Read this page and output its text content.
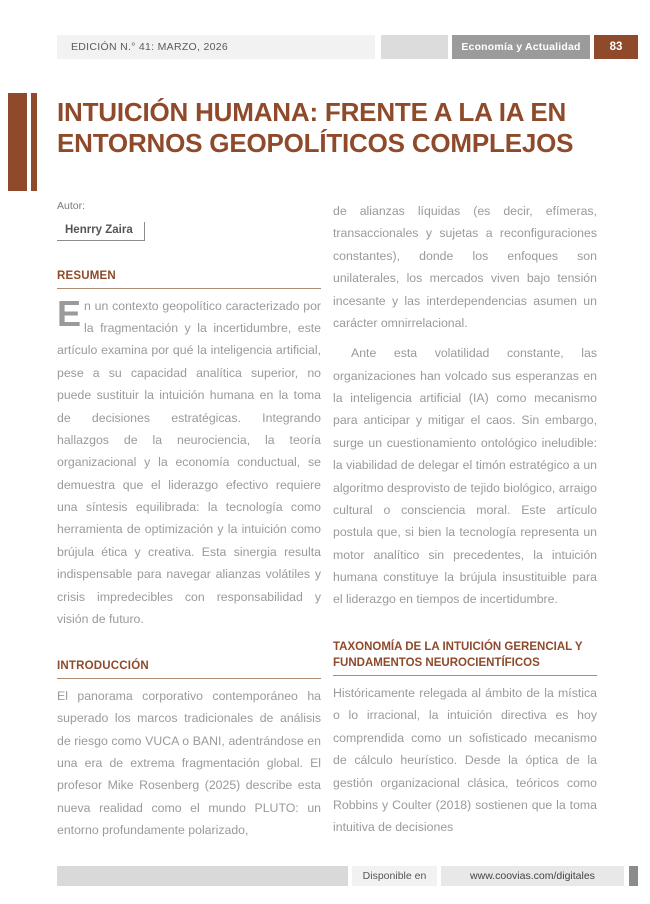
EDICIÓN N.° 41: MARZO, 2026	Economía y Actualidad	83
INTUICIÓN HUMANA: FRENTE A LA IA EN ENTORNOS GEOPOLÍTICOS COMPLEJOS
Autor:
Henrry Zaira
RESUMEN

En un contexto geopolítico caracterizado por la fragmentación y la incertidumbre, este artículo examina por qué la inteligencia artificial, pese a su capacidad analítica superior, no puede sustituir la intuición humana en la toma de decisiones estratégicas. Integrando hallazgos de la neurociencia, la teoría organizacional y la economía conductual, se demuestra que el liderazgo efectivo requiere una síntesis equilibrada: la tecnología como herramienta de optimización y la intuición como brújula ética y creativa. Esta sinergia resulta indispensable para navegar alianzas volátiles y crisis impredecibles con responsabilidad y visión de futuro.

INTRODUCCIÓN

El panorama corporativo contemporáneo ha superado los marcos tradicionales de análisis de riesgo como VUCA o BANI, adentrándose en una era de extrema fragmentación global. El profesor Mike Rosenberg (2025) describe esta nueva realidad como el mundo PLUTO: un entorno profundamente polarizado,

de alianzas líquidas (es decir, efímeras, transaccionales y sujetas a reconfiguraciones constantes), donde los enfoques son unilaterales, los mercados viven bajo tensión incesante y las interdependencias asumen un carácter omnirrelacional.

Ante esta volatilidad constante, las organizaciones han volcado sus esperanzas en la inteligencia artificial (IA) como mecanismo para anticipar y mitigar el caos. Sin embargo, surge un cuestionamiento ontológico ineludible: la viabilidad de delegar el timón estratégico a un algoritmo desprovisto de tejido biológico, arraigo cultural o consciencia moral. Este artículo postula que, si bien la tecnología representa un motor analítico sin precedentes, la intuición humana constituye la brújula insustituible para el liderazgo en tiempos de incertidumbre.

TAXONOMÍA DE LA INTUICIÓN GERENCIAL Y FUNDAMENTOS NEUROCIENTÍFICOS

Históricamente relegada al ámbito de la mística o lo irracional, la intuición directiva es hoy comprendida como un sofisticado mecanismo de cálculo heurístico. Desde la óptica de la gestión organizacional clásica, teóricos como Robbins y Coulter (2018) sostienen que la toma intuitiva de decisiones

Disponible en	www.coovias.com/digitales
